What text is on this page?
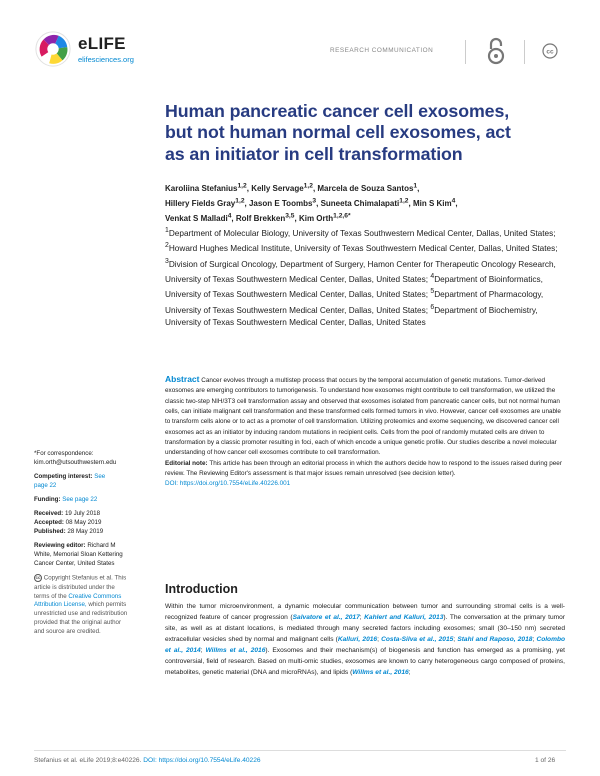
eLIFE
elifesciences.org
RESEARCH COMMUNICATION	cc
Human pancreatic cancer cell exosomes,
but not human normal cell exosomes, act
as an initiator in cell transformation
Karoliina Stefanius$^{1,2}$, Kelly Servage$^{1,2}$, Marcela de Souza Santos$^1$,
Hillery Fields Gray$^{1,2}$, Jason E Toombs$^3$, Suneeta Chimalapati$^{1,2}$, Min S Kim$^4$,
Venkat S Malladi$^4$, Rolf Brekken$^{3,5}$, Kim Orth$^{1,2,6*}$
$^1$Department of Molecular Biology, University of Texas Southwestern Medical Center, Dallas, United States; $^2$Howard Hughes Medical Institute, University of Texas Southwestern Medical Center, Dallas, United States; $^3$Division of Surgical Oncology, Department of Surgery, Hamon Center for Therapeutic Oncology Research, University of Texas Southwestern Medical Center, Dallas, United States; $^4$Department of Bioinformatics, University of Texas Southwestern Medical Center, Dallas, United States; $^5$Department of Pharmacology, University of Texas Southwestern Medical Center, Dallas, United States; $^6$Department of Biochemistry, University of Texas Southwestern Medical Center, Dallas, United States
Abstract Cancer evolves through a multistep process that occurs by the temporal accumulation of genetic mutations. Tumor-derived exosomes are emerging contributors to tumorigenesis. To understand how exosomes might contribute to cell transformation, we utilized the classic two-step NIH/3T3 cell transformation assay and observed that exosomes isolated from pancreatic cancer cells, but not normal human cells, can initiate malignant cell transformation and these transformed cells formed tumors in vivo. However, cancer cell exosomes are unable to transform cells alone or to act as a promoter of cell transformation. Utilizing proteomics and exome sequencing, we discovered cancer cell exosomes act as an initiator by inducing random mutations in recipient cells. Cells from the pool of randomly mutated cells are driven to transformation by a classic promoter resulting in foci, each of which encode a unique genetic profile. Our studies describe a novel molecular understanding of how cancer cell exosomes contribute to cell transformation.
Editorial note: This article has been through an editorial process in which the authors decide how to respond to the issues raised during peer review. The Reviewing Editor's assessment is that major issues remain unresolved (see decision letter).
DOI: https://doi.org/10.7554/eLife.40226.001
*For correspondence:
kim.orth@utsouthwestern.edu
Competing interest: See
page 22
Funding: See page 22
Received: 19 July 2018
Accepted: 08 May 2019
Published: 28 May 2019
Reviewing editor: Richard M White, Memorial Sloan Kettering Cancer Center, United States
cc Copyright Stefanius et al. This article is distributed under the terms of the Creative Commons Attribution License, which permits unrestricted use and redistribution provided that the original author and source are credited.
Introduction
Within the tumor microenvironment, a dynamic molecular communication between tumor and surrounding stromal cells is a well-recognized feature of cancer progression (Salvatore et al., 2017; Kahlert and Kalluri, 2013). The conversation at the primary tumor site, as well as at distant locations, is mediated through many secreted factors including exosomes; small (30–150 nm) secreted extracellular vesicles shed by normal and malignant cells (Kalluri, 2016; Costa-Silva et al., 2015; Stahl and Raposo, 2018; Colombo et al., 2014; Willms et al., 2016). Exosomes and their mechanism(s) of biogenesis and function has emerged as a promising, yet controversial, field of research. Based on multi-omic studies, exosomes are known to carry heterogeneous cargo composed of proteins, metabolites, genetic material (DNA and microRNAs), and lipids (Willms et al., 2016;
Stefanius et al. eLife 2019;8:e40226. DOI: https://doi.org/10.7554/eLife.40226	1 of 26
